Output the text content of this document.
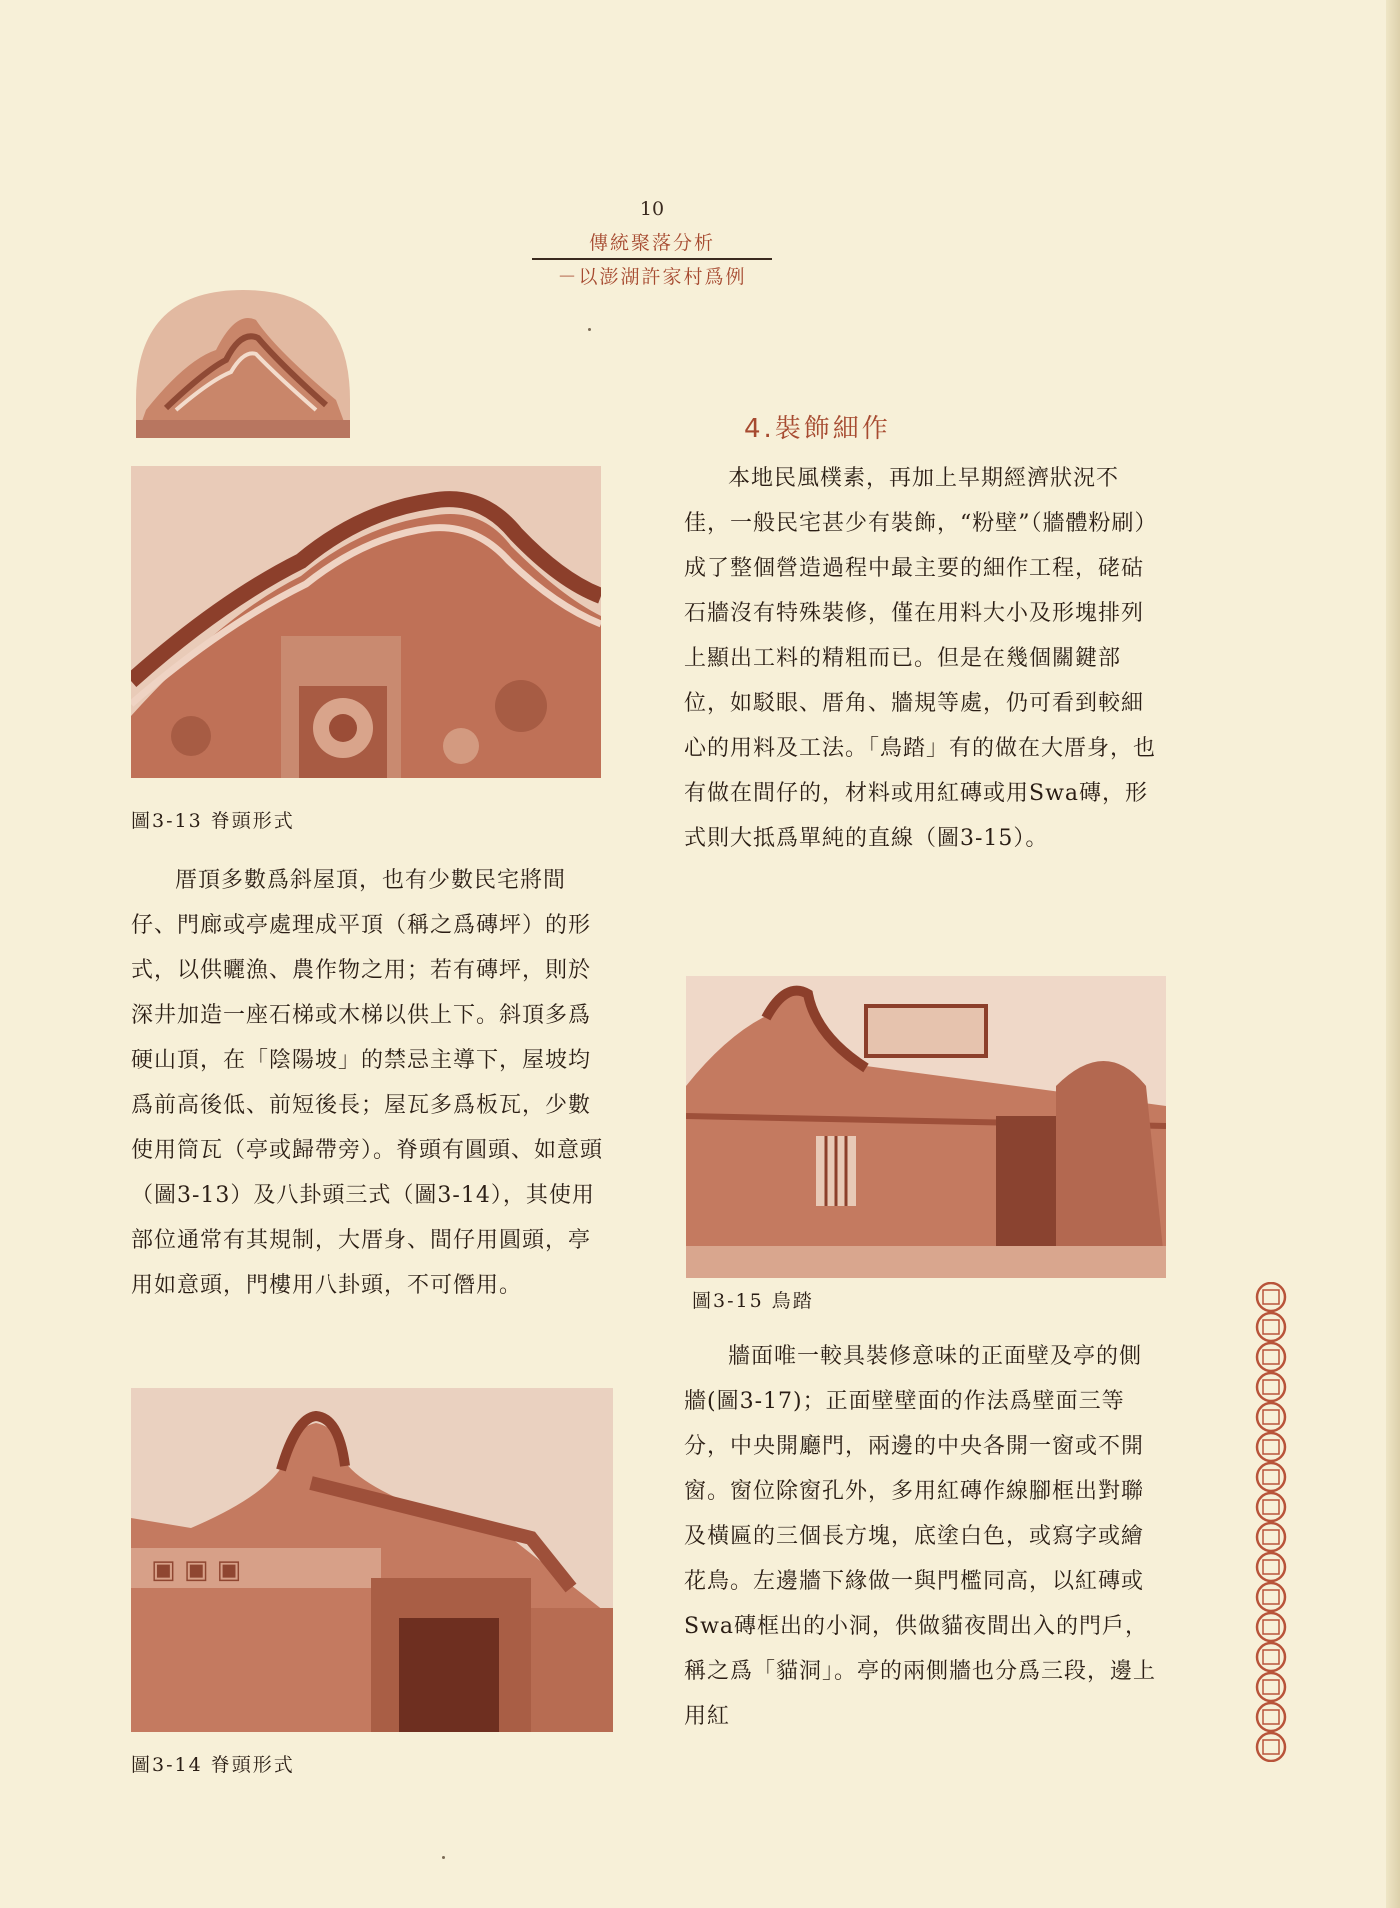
10
傳統聚落分析
－以澎湖許家村爲例
圖3-13 脊頭形式

厝頂多數爲斜屋頂，也有少數民宅將間仔、門廊或亭處理成平頂（稱之爲磚坪）的形式，以供曬漁、農作物之用；若有磚坪，則於深井加造一座石梯或木梯以供上下。斜頂多爲硬山頂，在「陰陽坡」的禁忌主導下，屋坡均爲前高後低、前短後長；屋瓦多爲板瓦，少數使用筒瓦（亭或歸帶旁）。脊頭有圓頭、如意頭（圖3-13）及八卦頭三式（圖3-14），其使用部位通常有其規制，大厝身、間仔用圓頭，亭用如意頭，門樓用八卦頭，不可僭用。

▣ ▣ ▣
圖3-14 脊頭形式
4.裝飾細作

本地民風樸素，再加上早期經濟狀況不佳，一般民宅甚少有裝飾，“粉壁”（牆體粉刷）成了整個營造過程中最主要的細作工程，硓𥑮石牆沒有特殊裝修，僅在用料大小及形塊排列上顯出工料的精粗而已。但是在幾個關鍵部位，如駁眼、厝角、牆規等處，仍可看到較細心的用料及工法。「鳥踏」有的做在大厝身，也有做在間仔的，材料或用紅磚或用Swa磚，形式則大抵爲單純的直線（圖3-15）。

圖3-15 鳥踏

牆面唯一較具裝修意味的正面壁及亭的側牆(圖3-17)；正面壁壁面的作法爲壁面三等分，中央開廳門，兩邊的中央各開一窗或不開窗。窗位除窗孔外，多用紅磚作線腳框出對聯及橫匾的三個長方塊，底塗白色，或寫字或繪花鳥。左邊牆下緣做一與門檻同高，以紅磚或 Swa磚框出的小洞，供做貓夜間出入的門戶，稱之爲「貓洞」。亭的兩側牆也分爲三段，邊上用紅
